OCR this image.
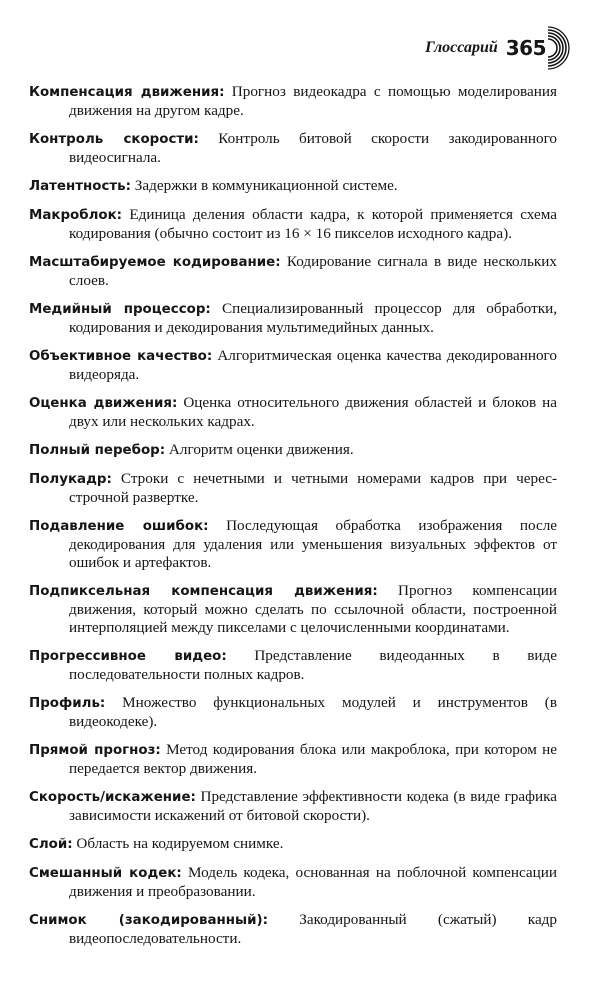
Глоссарий 365

Компенсация движения: Прогноз видеокадра с помощью моделирования движения на другом кадре.

Контроль скорости: Контроль битовой скорости закодированного видеосигнала.

Латентность: Задержки в коммуникационной системе.

Макроблок: Единица деления области кадра, к которой применяется схема кодирования (обычно состоит из 16 × 16 пикселов исходного кадра).

Масштабируемое кодирование: Кодирование сигнала в виде нескольких слоев.

Медийный процессор: Специализированный процессор для обработки, кодирования и декодирования мультимедийных данных.

Объективное качество: Алгоритмическая оценка качества декодированного видеоряда.

Оценка движения: Оценка относительного движения областей и блоков на двух или нескольких кадрах.

Полный перебор: Алгоритм оценки движения.

Полукадр: Строки с нечетными и четными номерами кадров при чересстрочной развертке.

Подавление ошибок: Последующая обработка изображения после декодирования для удаления или уменьшения визуальных эффектов от ошибок и артефактов.

Подпиксельная компенсация движения: Прогноз компенсации движения, который можно сделать по ссылочной области, построенной интерполяцией между пикселами с целочисленными координатами.

Прогрессивное видео: Представление видеоданных в виде последовательности полных кадров.

Профиль: Множество функциональных модулей и инструментов (в видеокодеке).

Прямой прогноз: Метод кодирования блока или макроблока, при котором не передается вектор движения.

Скорость/искажение: Представление эффективности кодека (в виде графика зависимости искажений от битовой скорости).

Слой: Область на кодируемом снимке.

Смешанный кодек: Модель кодека, основанная на поблочной компенсации движения и преобразовании.

Снимок (закодированный): Закодированный (сжатый) кадр видеопоследовательности.
